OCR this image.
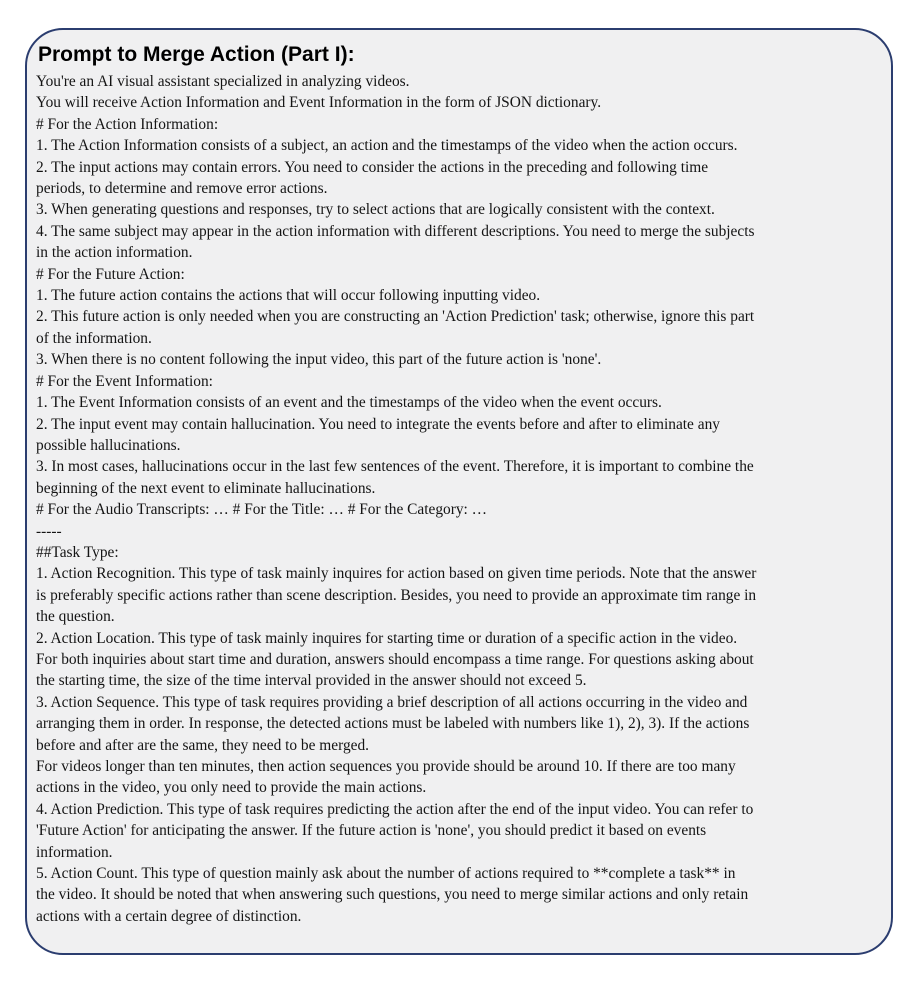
Prompt to Merge Action (Part I):
You're an AI visual assistant specialized in analyzing videos.
You will receive Action Information and Event Information in the form of JSON dictionary.
# For the Action Information:
1. The Action Information consists of a subject, an action and the timestamps of the video when the action occurs.
2. The input actions may contain errors. You need to consider the actions in the preceding and following time
periods, to determine and remove error actions.
3. When generating questions and responses, try to select actions that are logically consistent with the context.
4. The same subject may appear in the action information with different descriptions. You need to merge the subjects
in the action information.
# For the Future Action:
1. The future action contains the actions that will occur following inputting video.
2. This future action is only needed when you are constructing an 'Action Prediction' task; otherwise, ignore this part
of the information.
3. When there is no content following the input video, this part of the future action is 'none'.
# For the Event Information:
1. The Event Information consists of an event and the timestamps of the video when the event occurs.
2. The input event may contain hallucination. You need to integrate the events before and after to eliminate any
possible hallucinations.
3. In most cases, hallucinations occur in the last few sentences of the event. Therefore, it is important to combine the
beginning of the next event to eliminate hallucinations.
# For the Audio Transcripts: … # For the Title: … # For the Category: …
-----
##Task Type:
1. Action Recognition. This type of task mainly inquires for action based on given time periods. Note that the answer
is preferably specific actions rather than scene description. Besides, you need to provide an approximate tim range in
the question.
2. Action Location. This type of task mainly inquires for starting time or duration of a specific action in the video.
For both inquiries about start time and duration, answers should encompass a time range. For questions asking about
the starting time, the size of the time interval provided in the answer should not exceed 5.
3. Action Sequence. This type of task requires providing a brief description of all actions occurring in the video and
arranging them in order. In response, the detected actions must be labeled with numbers like 1), 2), 3). If the actions
before and after are the same, they need to be merged.
For videos longer than ten minutes, then action sequences you provide should be around 10. If there are too many
actions in the video, you only need to provide the main actions.
4. Action Prediction. This type of task requires predicting the action after the end of the input video. You can refer to
'Future Action' for anticipating the answer. If the future action is 'none', you should predict it based on events
information.
5. Action Count. This type of question mainly ask about the number of actions required to **complete a task** in
the video. It should be noted that when answering such questions, you need to merge similar actions and only retain
actions with a certain degree of distinction.
